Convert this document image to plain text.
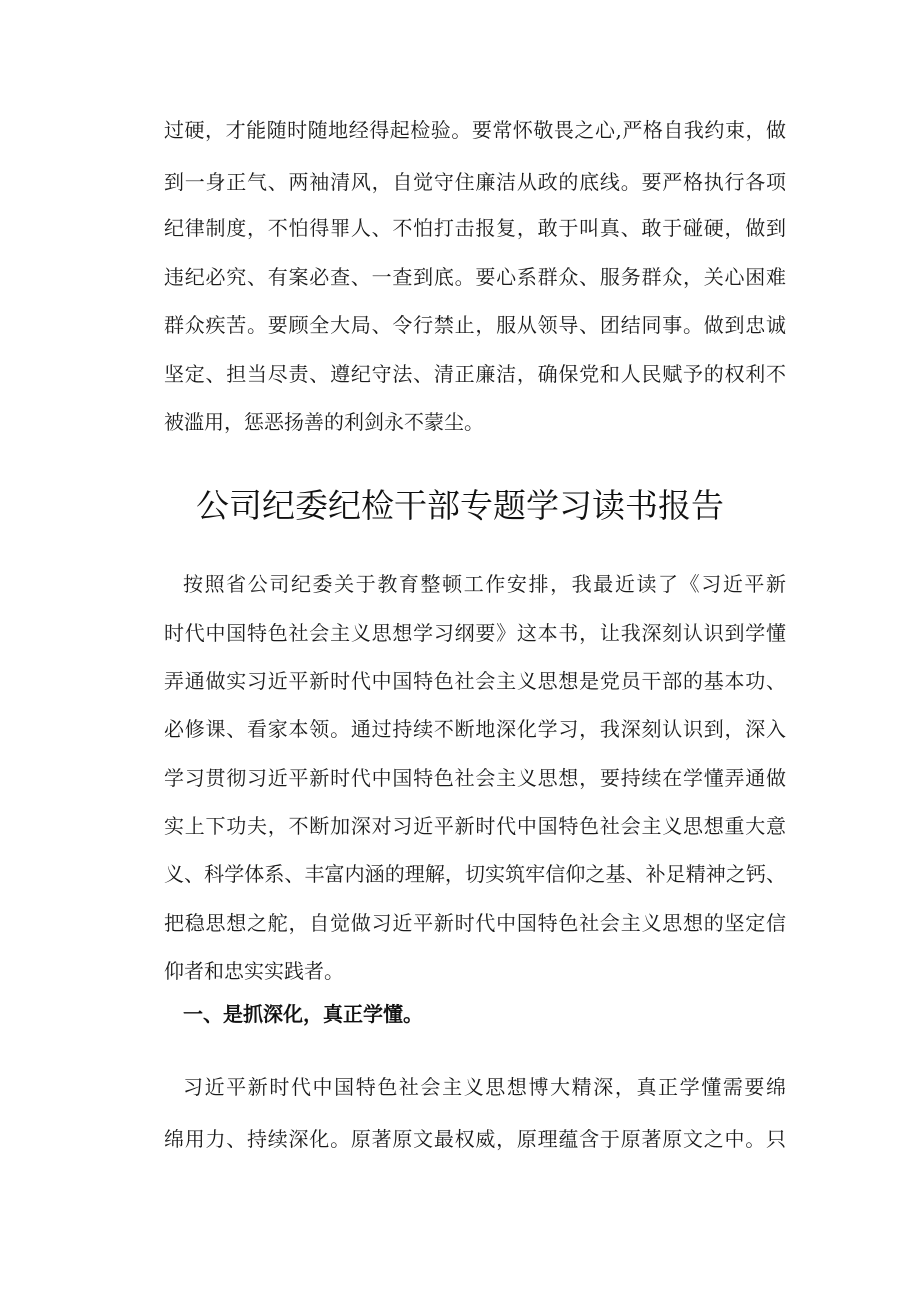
过硬，才能随时随地经得起检验。要常怀敬畏之心,严格自我约束，做
到一身正气、两袖清风，自觉守住廉洁从政的底线。要严格执行各项
纪律制度，不怕得罪人、不怕打击报复，敢于叫真、敢于碰硬，做到
违纪必究、有案必查、一查到底。要心系群众、服务群众，关心困难
群众疾苦。要顾全大局、令行禁止，服从领导、团结同事。做到忠诚
坚定、担当尽责、遵纪守法、清正廉洁，确保党和人民赋予的权利不
被滥用，惩恶扬善的利剑永不蒙尘。
公司纪委纪检干部专题学习读书报告
按照省公司纪委关于教育整顿工作安排，我最近读了《习近平新
时代中国特色社会主义思想学习纲要》这本书，让我深刻认识到学懂
弄通做实习近平新时代中国特色社会主义思想是党员干部的基本功、
必修课、看家本领。通过持续不断地深化学习，我深刻认识到，深入
学习贯彻习近平新时代中国特色社会主义思想，要持续在学懂弄通做
实上下功夫，不断加深对习近平新时代中国特色社会主义思想重大意
义、科学体系、丰富内涵的理解，切实筑牢信仰之基、补足精神之钙、
把稳思想之舵，自觉做习近平新时代中国特色社会主义思想的坚定信
仰者和忠实实践者。
一、是抓深化，真正学懂。
习近平新时代中国特色社会主义思想博大精深，真正学懂需要绵
绵用力、持续深化。原著原文最权威，原理蕴含于原著原文之中。只
